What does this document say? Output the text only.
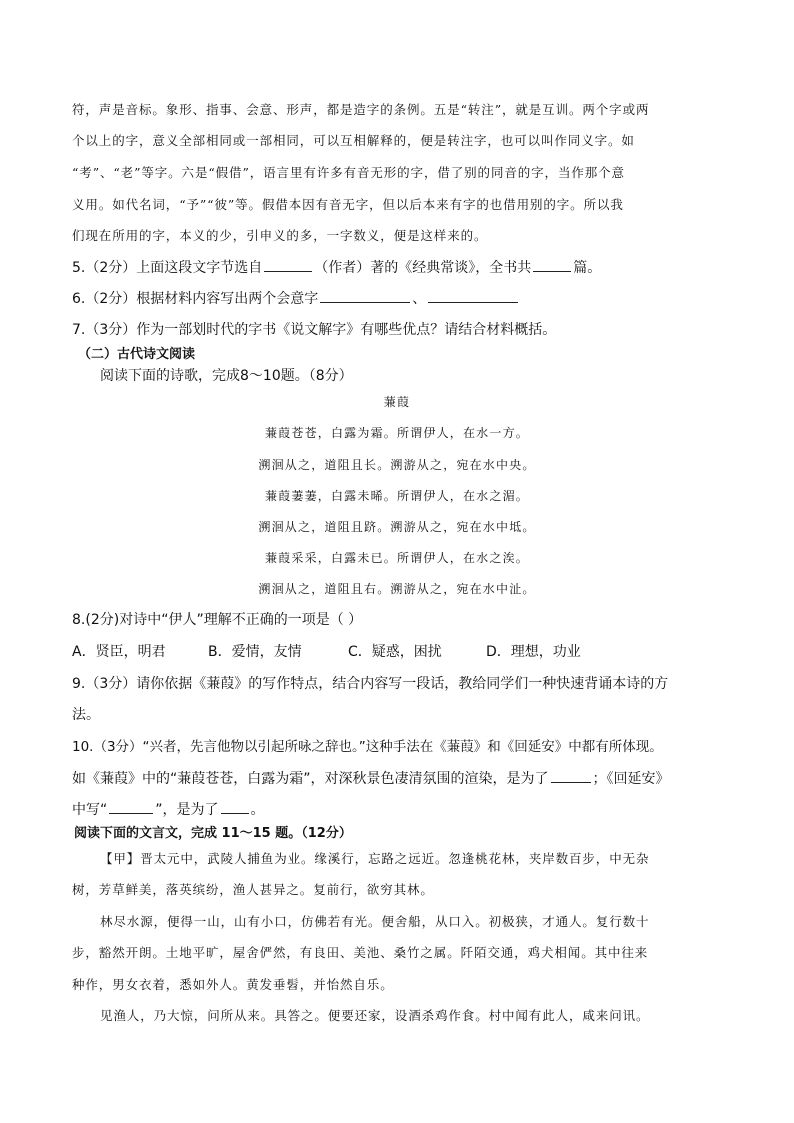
符，声是音标。象形、指事、会意、形声，都是造字的条例。五是“转注”，就是互训。两个字或两
个以上的字，意义全部相同或一部相同，可以互相解释的，便是转注字，也可以叫作同义字。如
“考”、“老”等字。六是“假借”，语言里有许多有音无形的字，借了别的同音的字，当作那个意
义用。如代名词，“予”“彼”等。假借本因有音无字，但以后本来有字的也借用别的字。所以我
们现在所用的字，本义的少，引申义的多，一字数义，便是这样来的。
5.（2分）上面这段文字节选自	（作者）著的《经典常谈》，全书共	篇。
6.（2分）根据材料内容写出两个会意字	、
7.（3分）作为一部划时代的字书《说文解字》有哪些优点？请结合材料概括。
（二）古代诗文阅读
阅读下面的诗歌，完成8～10题。（8分）
蒹葭
蒹葭苍苍，白露为霜。所谓伊人，在水一方。
溯洄从之，道阻且长。溯游从之，宛在水中央。
蒹葭萋萋，白露未晞。所谓伊人，在水之湄。
溯洄从之，道阻且跻。溯游从之，宛在水中坻。
蒹葭采采，白露未已。所谓伊人，在水之涘。
溯洄从之，道阻且右。溯游从之，宛在水中沚。
8.(2分)对诗中“伊人”理解不正确的一项是（ ）
A．贤臣，明君	B．爱情，友情	C．疑惑，困扰	D．理想，功业
9.（3分）请你依据《蒹葭》的写作特点，结合内容写一段话，教给同学们一种快速背诵本诗的方
法。
10.（3分）“兴者，先言他物以引起所咏之辞也。”这种手法在《蒹葭》和《回延安》中都有所体现。
如《蒹葭》中的“蒹葭苍苍，白露为霜”，对深秋景色凄清氛围的渲染，是为了	；《回延安》
中写“	”，是为了 。
阅读下面的文言文，完成 11～15 题。（12分）
【甲】晋太元中，武陵人捕鱼为业。缘溪行，忘路之远近。忽逢桃花林，夹岸数百步，中无杂
树，芳草鲜美，落英缤纷，渔人甚异之。复前行，欲穷其林。
林尽水源，便得一山，山有小口，仿佛若有光。便舍船，从口入。初极狭，才通人。复行数十
步，豁然开朗。土地平旷，屋舍俨然，有良田、美池、桑竹之属。阡陌交通，鸡犬相闻。其中往来
种作，男女衣着，悉如外人。黄发垂髫，并怡然自乐。
见渔人，乃大惊，问所从来。具答之。便要还家，设酒杀鸡作食。村中闻有此人，咸来问讯。
